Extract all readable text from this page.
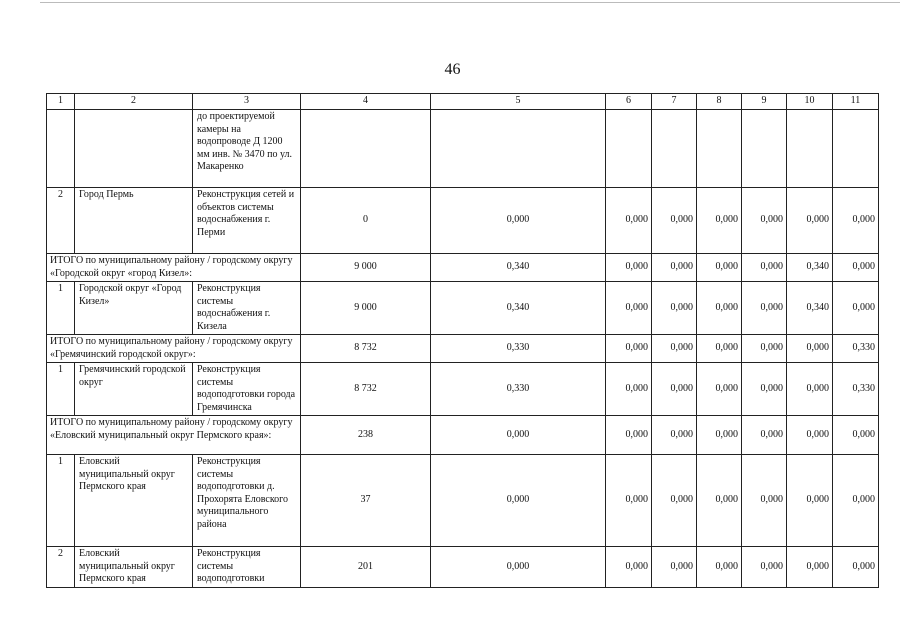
46
1	2	3	4	5	6	7	8	9	10	11
		до проектируемой камеры на водопроводе Д 1200 мм инв. № 3470 по ул. Макаренко								
2	Город Пермь	Реконструкция сетей и объектов системы водоснабжения г. Перми	0	0,000	0,000	0,000	0,000	0,000	0,000	0,000
ИТОГО по муниципальному району / городскому округу «Городской округ «город Кизел»:			9 000	0,340	0,000	0,000	0,000	0,000	0,340	0,000
1	Городской округ «Город Кизел»	Реконструкция системы водоснабжения г. Кизела	9 000	0,340	0,000	0,000	0,000	0,000	0,340	0,000
ИТОГО по муниципальному району / городскому округу «Гремячинский городской округ»:			8 732	0,330	0,000	0,000	0,000	0,000	0,000	0,330
1	Гремячинский городской округ	Реконструкция системы водоподготовки города Гремячинска	8 732	0,330	0,000	0,000	0,000	0,000	0,000	0,330
ИТОГО по муниципальному району / городскому округу «Еловский муниципальный округ Пермского края»:			238	0,000	0,000	0,000	0,000	0,000	0,000	0,000
1	Еловский муниципальный округ Пермского края	Реконструкция системы водоподготовки д. Прохорята Еловского муниципального района	37	0,000	0,000	0,000	0,000	0,000	0,000	0,000
2	Еловский муниципальный округ Пермского края	Реконструкция системы водоподготовки	201	0,000	0,000	0,000	0,000	0,000	0,000	0,000
